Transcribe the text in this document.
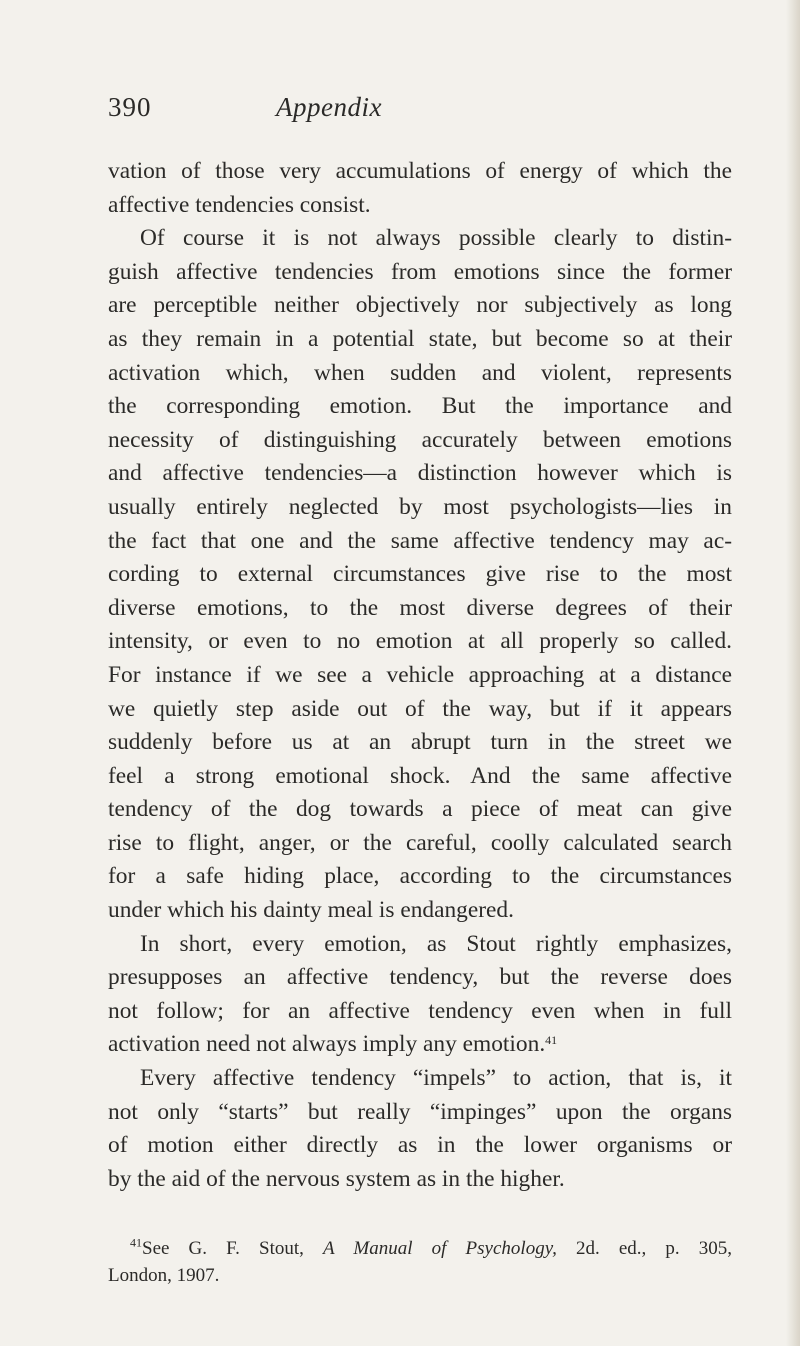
390	Appendix
vation of those very accumulations of energy of which the
affective tendencies consist.
Of course it is not always possible clearly to distin-
guish affective tendencies from emotions since the former
are perceptible neither objectively nor subjectively as long
as they remain in a potential state, but become so at their
activation which, when sudden and violent, represents
the corresponding emotion. But the importance and
necessity of distinguishing accurately between emotions
and affective tendencies—a distinction however which is
usually entirely neglected by most psychologists—lies in
the fact that one and the same affective tendency may ac-
cording to external circumstances give rise to the most
diverse emotions, to the most diverse degrees of their
intensity, or even to no emotion at all properly so called.
For instance if we see a vehicle approaching at a distance
we quietly step aside out of the way, but if it appears
suddenly before us at an abrupt turn in the street we
feel a strong emotional shock. And the same affective
tendency of the dog towards a piece of meat can give
rise to flight, anger, or the careful, coolly calculated search
for a safe hiding place, according to the circumstances
under which his dainty meal is endangered.
In short, every emotion, as Stout rightly emphasizes,
presupposes an affective tendency, but the reverse does
not follow; for an affective tendency even when in full
activation need not always imply any emotion.$^{41}$
Every affective tendency “impels” to action, that is, it
not only “starts” but really “impinges” upon the organs
of motion either directly as in the lower organisms or
by the aid of the nervous system as in the higher.
$^{41}$See G. F. Stout, A Manual of Psychology, 2d. ed., p. 305,
London, 1907.
